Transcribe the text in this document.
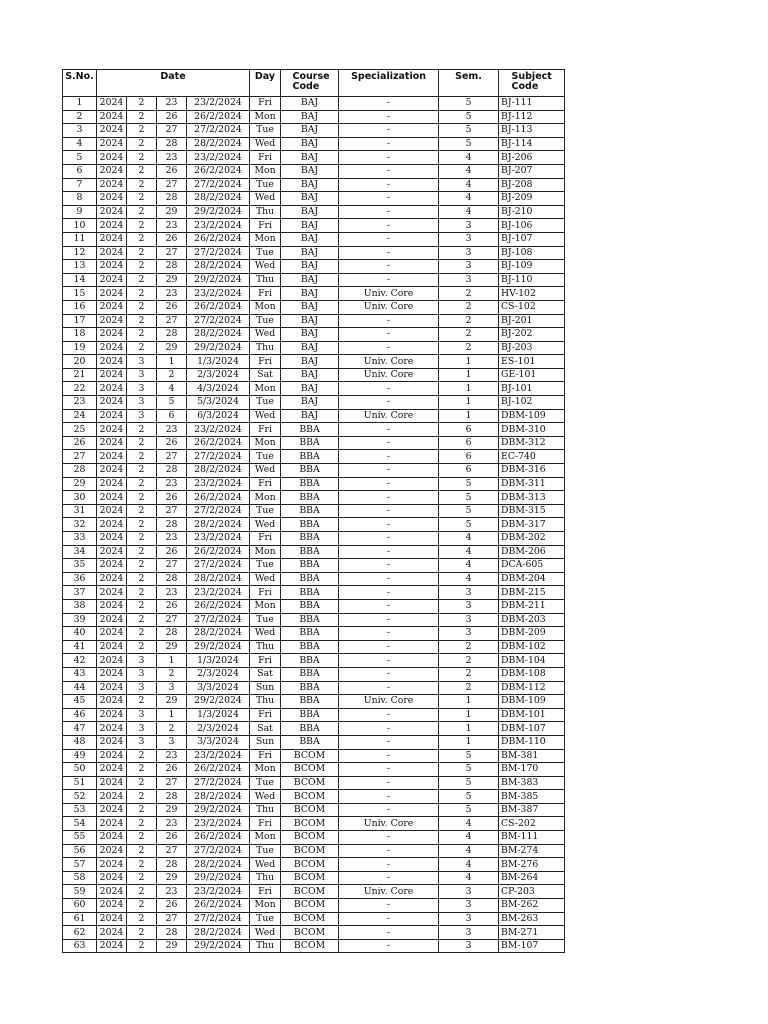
S.No.	Date				Day	Course Code	Specialization	Sem.	Subject Code
1	2024	2	23	23/2/2024	Fri	BAJ	-	5	BJ-111
2	2024	2	26	26/2/2024	Mon	BAJ	-	5	BJ-112
3	2024	2	27	27/2/2024	Tue	BAJ	-	5	BJ-113
4	2024	2	28	28/2/2024	Wed	BAJ	-	5	BJ-114
5	2024	2	23	23/2/2024	Fri	BAJ	-	4	BJ-206
6	2024	2	26	26/2/2024	Mon	BAJ	-	4	BJ-207
7	2024	2	27	27/2/2024	Tue	BAJ	-	4	BJ-208
8	2024	2	28	28/2/2024	Wed	BAJ	-	4	BJ-209
9	2024	2	29	29/2/2024	Thu	BAJ	-	4	BJ-210
10	2024	2	23	23/2/2024	Fri	BAJ	-	3	BJ-106
11	2024	2	26	26/2/2024	Mon	BAJ	-	3	BJ-107
12	2024	2	27	27/2/2024	Tue	BAJ	-	3	BJ-108
13	2024	2	28	28/2/2024	Wed	BAJ	-	3	BJ-109
14	2024	2	29	29/2/2024	Thu	BAJ	-	3	BJ-110
15	2024	2	23	23/2/2024	Fri	BAJ	Univ. Core	2	HV-102
16	2024	2	26	26/2/2024	Mon	BAJ	Univ. Core	2	CS-102
17	2024	2	27	27/2/2024	Tue	BAJ	-	2	BJ-201
18	2024	2	28	28/2/2024	Wed	BAJ	-	2	BJ-202
19	2024	2	29	29/2/2024	Thu	BAJ	-	2	BJ-203
20	2024	3	1	1/3/2024	Fri	BAJ	Univ. Core	1	ES-101
21	2024	3	2	2/3/2024	Sat	BAJ	Univ. Core	1	GE-101
22	2024	3	4	4/3/2024	Mon	BAJ	-	1	BJ-101
23	2024	3	5	5/3/2024	Tue	BAJ	-	1	BJ-102
24	2024	3	6	6/3/2024	Wed	BAJ	Univ. Core	1	DBM-109
25	2024	2	23	23/2/2024	Fri	BBA	-	6	DBM-310
26	2024	2	26	26/2/2024	Mon	BBA	-	6	DBM-312
27	2024	2	27	27/2/2024	Tue	BBA	-	6	EC-740
28	2024	2	28	28/2/2024	Wed	BBA	-	6	DBM-316
29	2024	2	23	23/2/2024	Fri	BBA	-	5	DBM-311
30	2024	2	26	26/2/2024	Mon	BBA	-	5	DBM-313
31	2024	2	27	27/2/2024	Tue	BBA	-	5	DBM-315
32	2024	2	28	28/2/2024	Wed	BBA	-	5	DBM-317
33	2024	2	23	23/2/2024	Fri	BBA	-	4	DBM-202
34	2024	2	26	26/2/2024	Mon	BBA	-	4	DBM-206
35	2024	2	27	27/2/2024	Tue	BBA	-	4	DCA-605
36	2024	2	28	28/2/2024	Wed	BBA	-	4	DBM-204
37	2024	2	23	23/2/2024	Fri	BBA	-	3	DBM-215
38	2024	2	26	26/2/2024	Mon	BBA	-	3	DBM-211
39	2024	2	27	27/2/2024	Tue	BBA	-	3	DBM-203
40	2024	2	28	28/2/2024	Wed	BBA	-	3	DBM-209
41	2024	2	29	29/2/2024	Thu	BBA	-	2	DBM-102
42	2024	3	1	1/3/2024	Fri	BBA	-	2	DBM-104
43	2024	3	2	2/3/2024	Sat	BBA	-	2	DBM-108
44	2024	3	3	3/3/2024	Sun	BBA	-	2	DBM-112
45	2024	2	29	29/2/2024	Thu	BBA	Univ. Core	1	DBM-109
46	2024	3	1	1/3/2024	Fri	BBA	-	1	DBM-101
47	2024	3	2	2/3/2024	Sat	BBA	-	1	DBM-107
48	2024	3	3	3/3/2024	Sun	BBA	-	1	DBM-110
49	2024	2	23	23/2/2024	Fri	BCOM	-	5	BM-381
50	2024	2	26	26/2/2024	Mon	BCOM	-	5	BM-170
51	2024	2	27	27/2/2024	Tue	BCOM	-	5	BM-383
52	2024	2	28	28/2/2024	Wed	BCOM	-	5	BM-385
53	2024	2	29	29/2/2024	Thu	BCOM	-	5	BM-387
54	2024	2	23	23/2/2024	Fri	BCOM	Univ. Core	4	CS-202
55	2024	2	26	26/2/2024	Mon	BCOM	-	4	BM-111
56	2024	2	27	27/2/2024	Tue	BCOM	-	4	BM-274
57	2024	2	28	28/2/2024	Wed	BCOM	-	4	BM-276
58	2024	2	29	29/2/2024	Thu	BCOM	-	4	BM-264
59	2024	2	23	23/2/2024	Fri	BCOM	Univ. Core	3	CP-203
60	2024	2	26	26/2/2024	Mon	BCOM	-	3	BM-262
61	2024	2	27	27/2/2024	Tue	BCOM	-	3	BM-263
62	2024	2	28	28/2/2024	Wed	BCOM	-	3	BM-271
63	2024	2	29	29/2/2024	Thu	BCOM	-	3	BM-107
